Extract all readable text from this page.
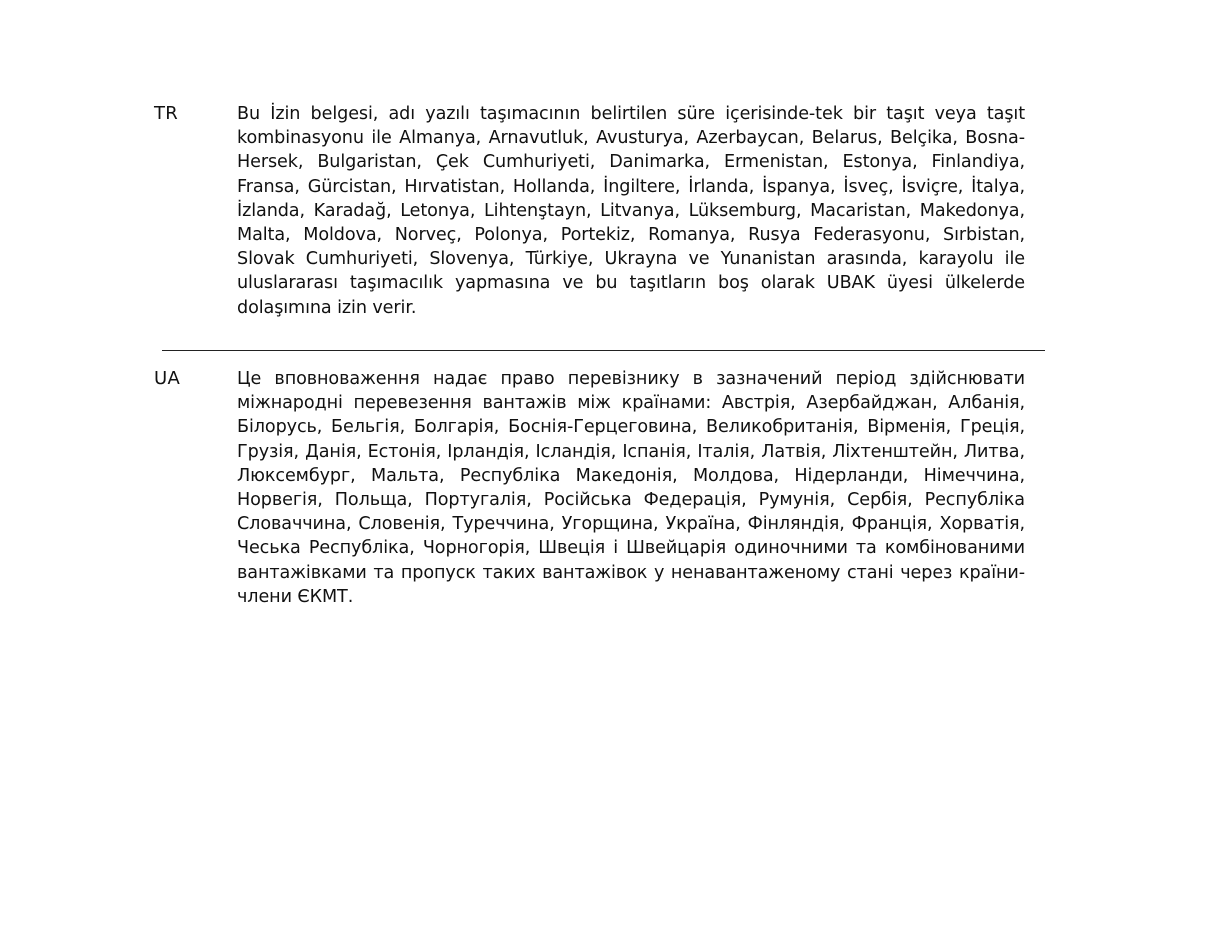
TR	Bu İzin belgesi, adı yazılı taşımacının belirtilen süre içerisinde-tek bir taşıt veya taşıt kombinasyonu ile Almanya, Arnavutluk, Avusturya, Azerbaycan, Belarus, Belçika, Bosna-Hersek, Bulgaristan, Çek Cumhuriyeti, Danimarka, Ermenistan, Estonya, Finlandiya, Fransa, Gürcistan, Hırvatistan, Hollanda, İngiltere, İrlanda, İspanya, İsveç, İsviçre, İtalya, İzlanda, Karadağ, Letonya, Lihtenştayn, Litvanya, Lüksemburg, Macaristan, Makedonya, Malta, Moldova, Norveç, Polonya, Portekiz, Romanya, Rusya Federasyonu, Sırbistan, Slovak Cumhuriyeti, Slovenya, Türkiye, Ukrayna ve Yunanistan arasında, karayolu ile uluslararası taşımacılık yapmasına ve bu taşıtların boş olarak UBAK üyesi ülkelerde dolaşımına izin verir.
UA	Це вповноваження надає право перевізнику в зазначений період здійснювати міжнародні перевезення вантажів між країнами: Австрія, Азербайджан, Албанія, Білорусь, Бельгія, Болгарія, Боснія-Герцеговина, Великобританія, Вірменія, Греція, Грузія, Данія, Естонія, Ірландія, Ісландія, Іспанія, Італія, Латвія, Ліхтенштейн, Литва, Люксембург, Мальта, Республіка Македонія, Молдова, Нідерланди, Німеччина, Норвегія, Польща, Португалія, Російська Федерація, Румунія, Сербія, Республіка Словаччина, Словенія, Туреччина, Угорщина, Україна, Фінляндія, Франція, Хорватія, Чеська Республіка, Чорногорія, Швеція і Швейцарія одиночними та комбінованими вантажівками та пропуск таких вантажівок у ненавантаженому стані через країни-члени ЄКМТ.
